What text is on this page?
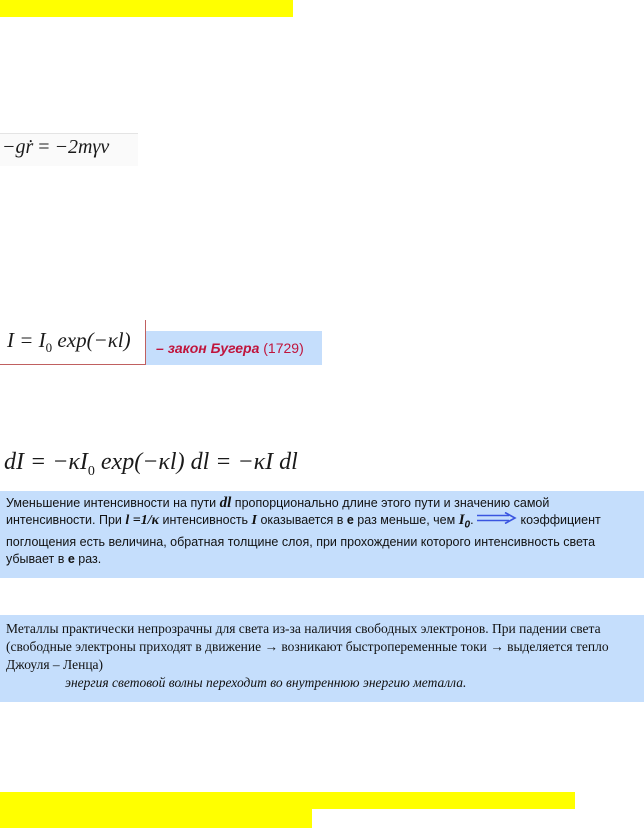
−gṙ = −2mγv
$I = I_0$ exp(−κl)	– закон Бугера (1729)
dI = $-\kappa I_0$ exp(−κl) dl = −κI dl
Уменьшение интенсивности на пути dl пропорционально длине этого пути и значению самой интенсивности. При l =1/κ интенсивность I оказывается в е раз меньше, чем $I_0$.	коэффициент поглощения есть величина, обратная толщине слоя, при прохождении которого интенсивность света убывает в е раз.
Металлы практически непрозрачны для света из-за наличия свободных электронов. При падении света (свободные электроны приходят в движение → возникают быстропеременные токи → выделяется тепло Джоуля – Ленца)
энергия световой волны переходит во внутреннюю энергию металла.
